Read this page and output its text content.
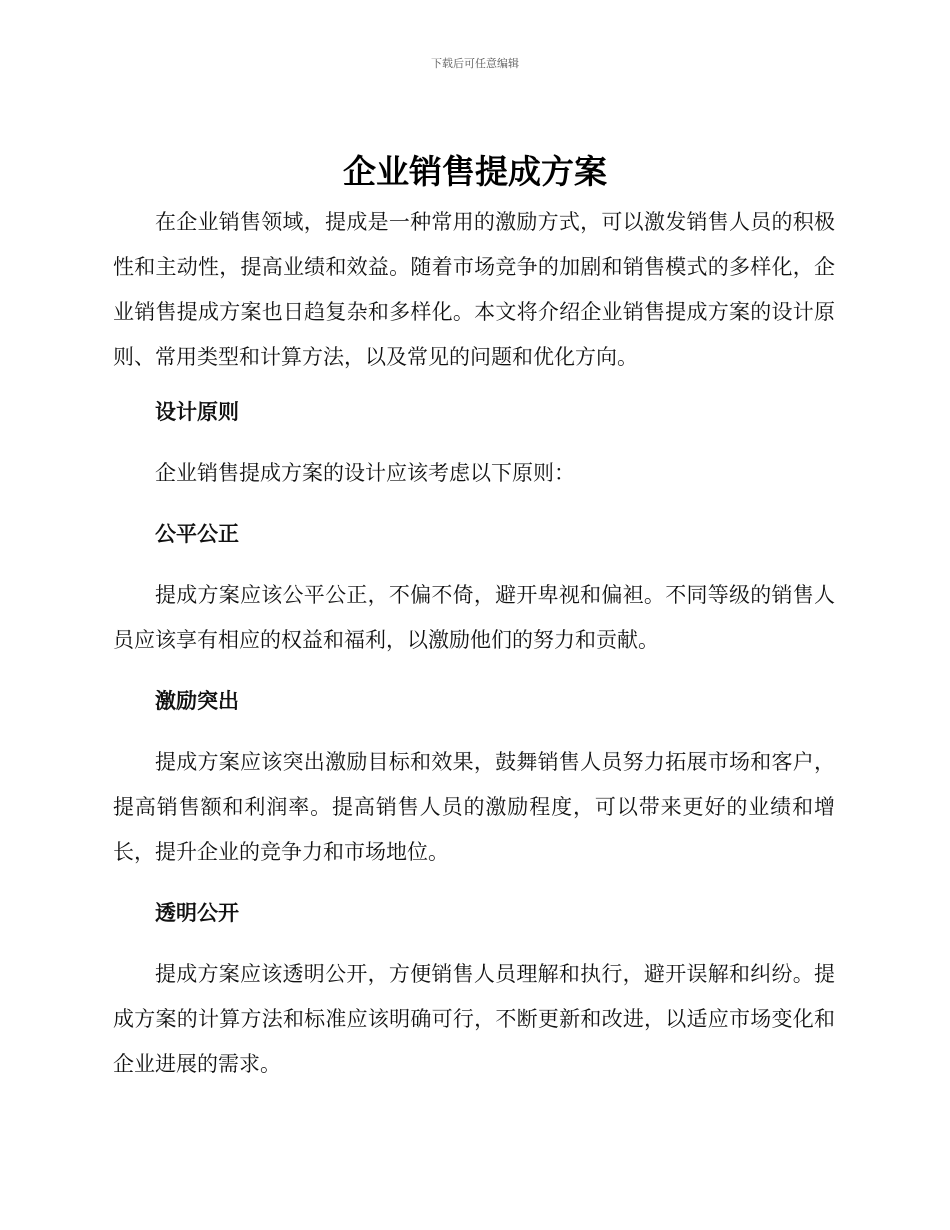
下载后可任意编辑
企业销售提成方案

在企业销售领域，提成是一种常用的激励方式，可以激发销售人员的积极性和主动性，提高业绩和效益。随着市场竞争的加剧和销售模式的多样化，企业销售提成方案也日趋复杂和多样化。本文将介绍企业销售提成方案的设计原则、常用类型和计算方法，以及常见的问题和优化方向。

设计原则

企业销售提成方案的设计应该考虑以下原则：

公平公正

提成方案应该公平公正，不偏不倚，避开卑视和偏袒。不同等级的销售人员应该享有相应的权益和福利，以激励他们的努力和贡献。

激励突出

提成方案应该突出激励目标和效果，鼓舞销售人员努力拓展市场和客户，提高销售额和利润率。提高销售人员的激励程度，可以带来更好的业绩和增长，提升企业的竞争力和市场地位。

透明公开

提成方案应该透明公开，方便销售人员理解和执行，避开误解和纠纷。提成方案的计算方法和标准应该明确可行，不断更新和改进，以适应市场变化和企业进展的需求。
